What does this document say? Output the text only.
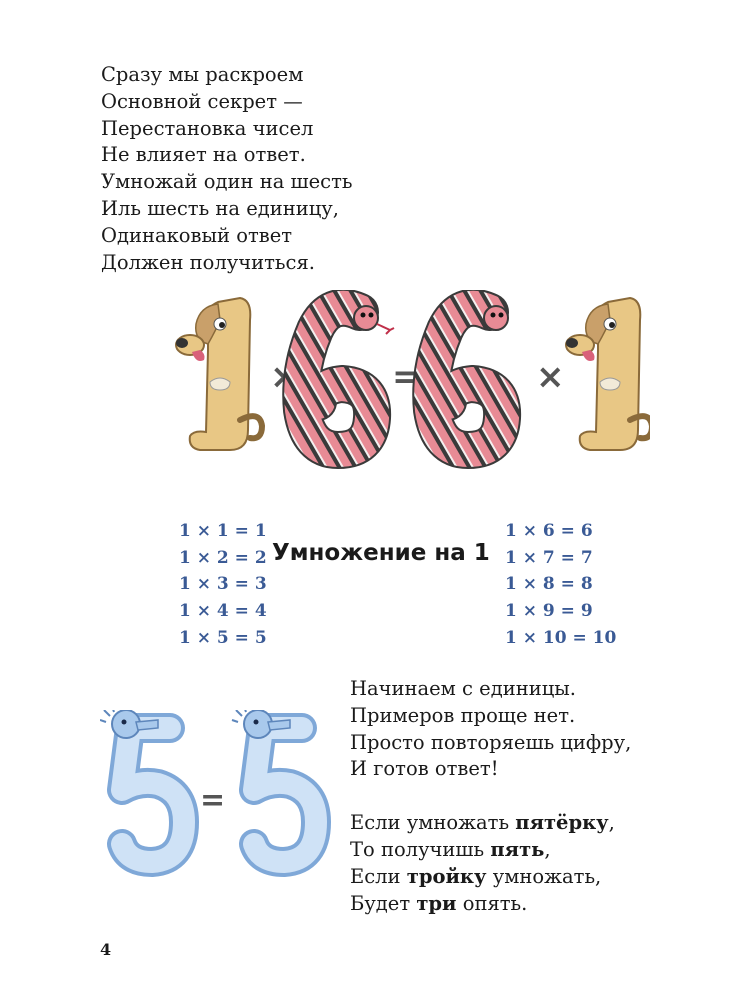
Сразу мы раскроем
Основной секрет —
Перестановка чисел
Не влияет на ответ.
Умножай один на шесть
Иль шесть на единицу,
Одинаковый ответ
Должен получиться.
×	=	×
1 × 1 = 1
1 × 2 = 2
1 × 3 = 3
1 × 4 = 4
1 × 5 = 5
Умножение на 1
1 × 6 = 6
1 × 7 = 7
1 × 8 = 8
1 × 9 = 9
1 × 10 = 10
=
Начинаем с единицы.
Примеров проще нет.
Просто повторяешь цифру,
И готов ответ!
Если умножать пятёрку,
То получишь пять,
Если тройку умножать,
Будет три опять.
4
